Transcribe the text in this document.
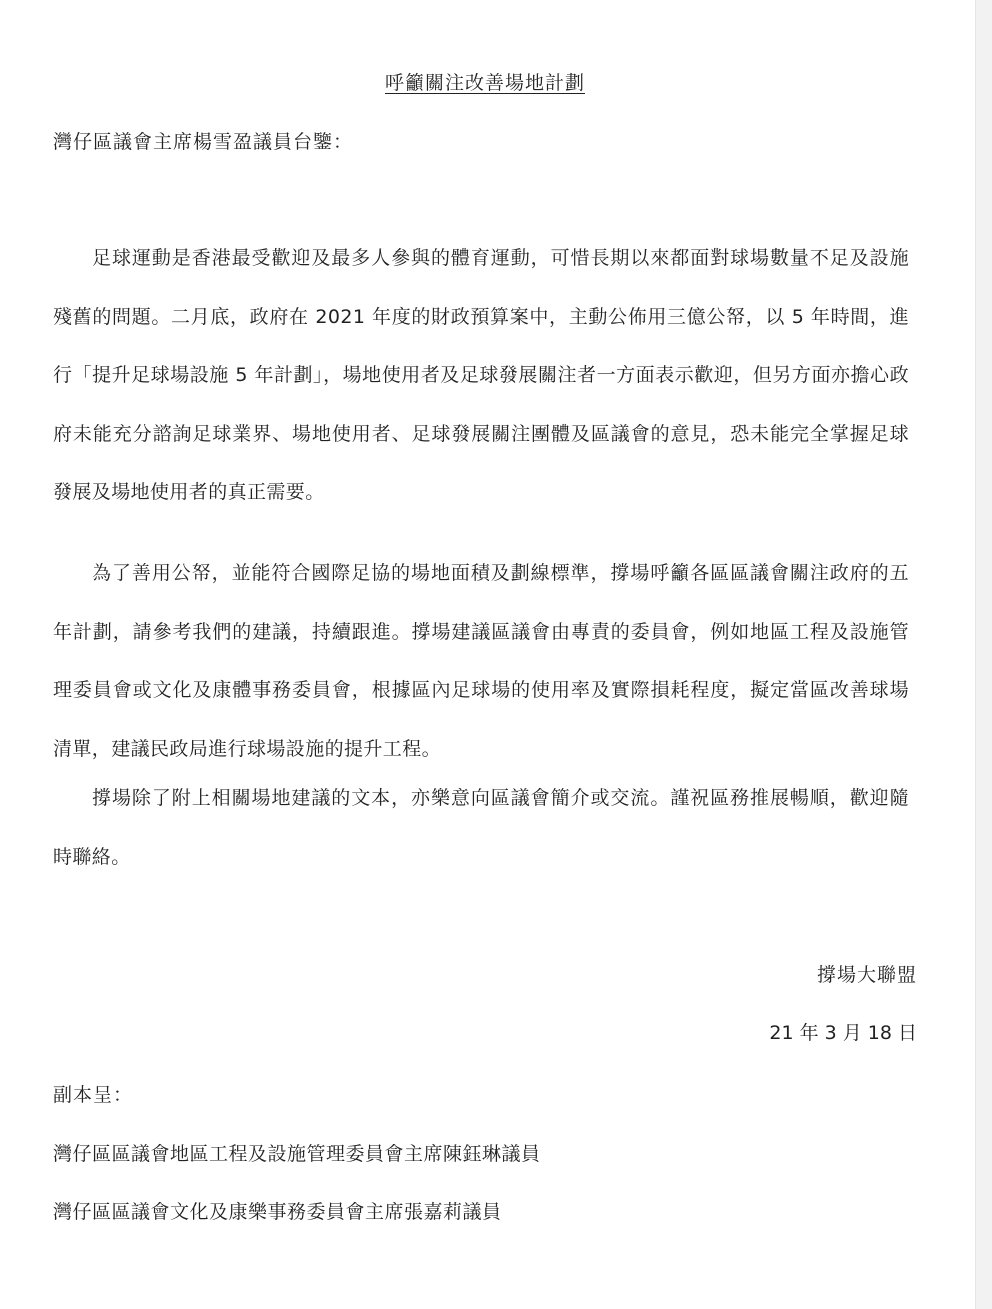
呼籲關注改善場地計劃
灣仔區議會主席楊雪盈議員台鑒：
足球運動是香港最受歡迎及最多人參與的體育運動，可惜長期以來都面對球場數量不足及設施
殘舊的問題。二月底，政府在 2021 年度的財政預算案中，主動公佈用三億公帑，以 5 年時間，進
行「提升足球場設施 5 年計劃」，場地使用者及足球發展關注者一方面表示歡迎，但另方面亦擔心政
府未能充分諮詢足球業界、場地使用者、足球發展關注團體及區議會的意見，恐未能完全掌握足球
發展及場地使用者的真正需要。
為了善用公帑，並能符合國際足協的場地面積及劃線標準，撐場呼籲各區區議會關注政府的五
年計劃，請參考我們的建議，持續跟進。撐場建議區議會由專責的委員會，例如地區工程及設施管
理委員會或文化及康體事務委員會，根據區內足球場的使用率及實際損耗程度，擬定當區改善球場
清單，建議民政局進行球場設施的提升工程。
撐場除了附上相關場地建議的文本，亦樂意向區議會簡介或交流。謹祝區務推展暢順，歡迎隨
時聯絡。
撐場大聯盟
21 年 3 月 18 日
副本呈：
灣仔區區議會地區工程及設施管理委員會主席陳鈺琳議員
灣仔區區議會文化及康樂事務委員會主席張嘉莉議員
